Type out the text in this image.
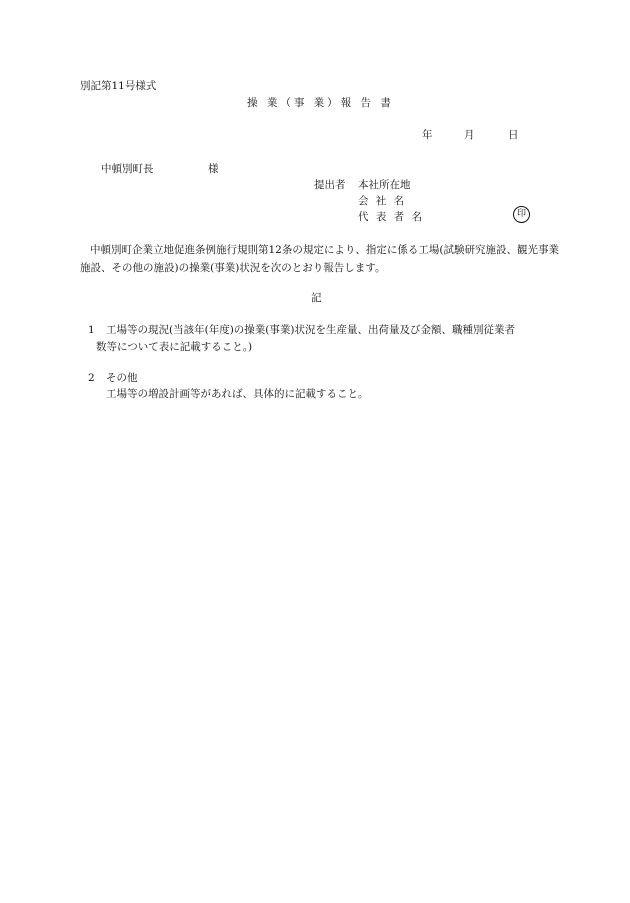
別記第11号様式
操 業（事 業）報 告 書
年	月	日
中頓別町長	様
提出者 本社所在地
会 社 名
代 表 者 名	印
中頓別町企業立地促進条例施行規則第12条の規定により、指定に係る工場(試験研究施設、観光事業施設、その他の施設)の操業(事業)状況を次のとおり報告します。
記
1	工場等の現況(当該年(年度)の操業(事業)状況を生産量、出荷量及び金額、職種別従業者
数等について表に記載すること。)
2 その他
工場等の増設計画等があれば、具体的に記載すること。
